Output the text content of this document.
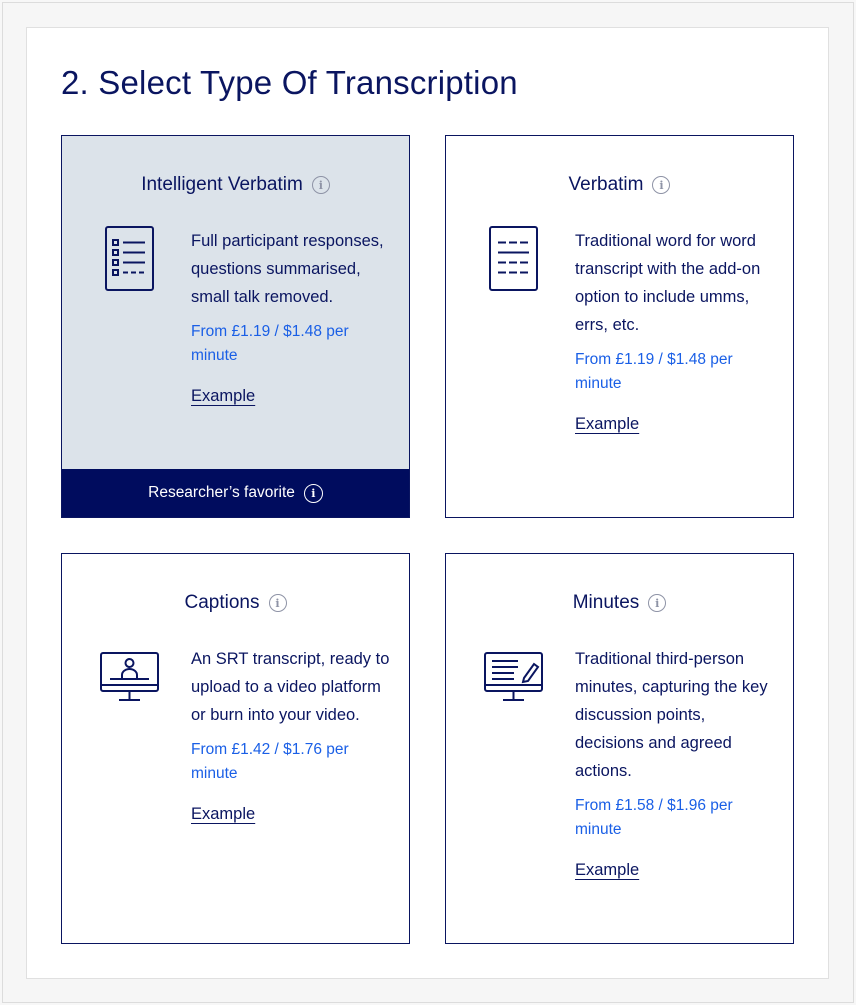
2. Select Type Of Transcription
Intelligent Verbatim	i
Full participant responses, questions summarised, small talk removed.
From £1.19 / $1.48 per minute
Example
Researcher’s favorite	i
Verbatim	i
Traditional word for word transcript with the add-on option to include umms, errs, etc.
From £1.19 / $1.48 per minute
Example
Captions	i
An SRT transcript, ready to upload to a video platform or burn into your video.
From £1.42 / $1.76 per minute
Example
Minutes	i
Traditional third-person minutes, capturing the key discussion points, decisions and agreed actions.
From £1.58 / $1.96 per minute
Example
